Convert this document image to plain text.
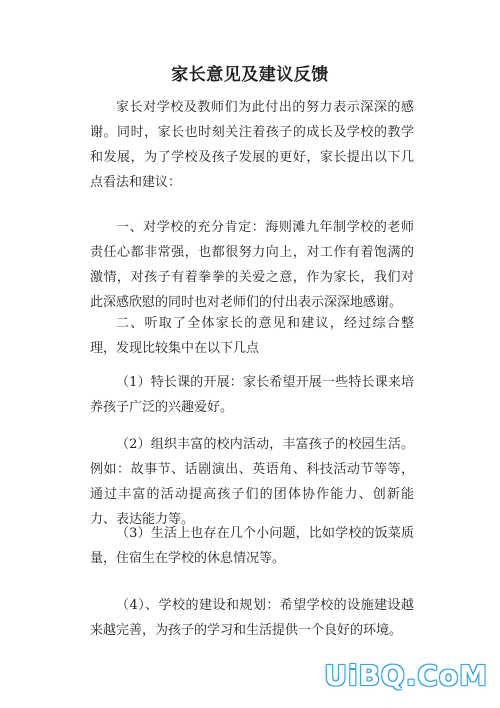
家长意见及建议反馈

家长对学校及教师们为此付出的努力表示深深的感谢。同时，家长也时刻关注着孩子的成长及学校的教学和发展，为了学校及孩子发展的更好，家长提出以下几点看法和建议：

一、对学校的充分肯定：海则滩九年制学校的老师责任心都非常强，也都很努力向上，对工作有着饱满的激情，对孩子有着拳拳的关爱之意，作为家长，我们对此深感欣慰的同时也对老师们的付出表示深深地感谢。

二、听取了全体家长的意见和建议，经过综合整理，发现比较集中在以下几点

（1）特长课的开展：家长希望开展一些特长课来培养孩子广泛的兴趣爱好。

（2）组织丰富的校内活动，丰富孩子的校园生活。例如：故事节、话剧演出、英语角、科技活动节等等，通过丰富的活动提高孩子们的团体协作能力、创新能力、表达能力等。

（3）生活上也存在几个小问题，比如学校的饭菜质量，住宿生在学校的休息情况等。

（4）、学校的建设和规划：希望学校的设施建设越来越完善，为孩子的学习和生活提供一个良好的环境。

UiBQ.CoM
